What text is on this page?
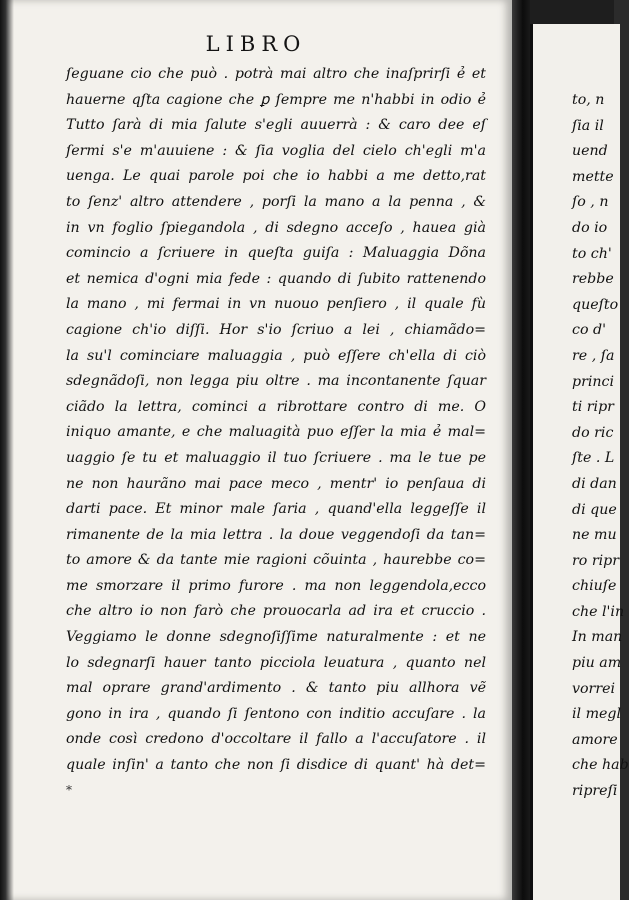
LIBRO
ſeguane cio che può . potrà mai altro che inaſprirſi ẻ et
hauerne qſta cagione che ꝑ ſempre me n'habbi in odio ẻ
Tutto ſarà di mia ſalute s'egli auuerrà : & caro dee eſ
ſermi s'e m'auuiene : & ſia voglia del cielo ch'egli m'a
uenga. Le quai parole poi che io habbi a me detto,rat
to ſenz' altro attendere , porſi la mano a la penna , &
in vn foglio ſpiegandola , di sdegno acceſo , hauea già
comincio a ſcriuere in queſta guiſa : Maluaggia Dõna
et nemica d'ogni mia fede : quando di ſubito rattenendo
la mano , mi fermai in vn nuouo penſiero , il quale fù
cagione ch'io diſſi. Hor s'io ſcriuo a lei , chiamãdo=
la su'l cominciare maluaggia , può eſſere ch'ella di ciò
sdegnãdoſi, non legga piu oltre . ma incontanente ſquar
ciãdo la lettra, cominci a ribrottare contro di me. O
iniquo amante, e che maluagità puo eſſer la mia ẻ mal=
uaggio ſe tu et maluaggio il tuo ſcriuere . ma le tue pe
ne non haurãno mai pace meco , mentr' io penſaua di
darti pace. Et minor male ſaria , quand'ella leggeſſe il
rimanente de la mia lettra . la doue veggendoſi da tan=
to amore & da tante mie ragioni cõuinta , haurebbe co=
me smorzare il primo furore . ma non leggendola,ecco
che altro io non farò che prouocarla ad ira et cruccio .
Veggiamo le donne sdegnoſiſſime naturalmente : et ne
lo sdegnarſi hauer tanto picciola leuatura , quanto nel
mal oprare grand'ardimento . & tanto piu allhora vẽ
gono in ira , quando ſi ſentono con inditio accuſare . la
onde così credono d'occoltare il fallo a l'accuſatore . il
quale inſin' a tanto che non ſi disdice di quant' hà det=
*
to, n
ſia il
uend
mette
ſo , n
do io
to ch'
rebbe
queſto
co d'
re , ſa
princi
ti ripr
do ric
ſte . L
di dan
di que
ne mu
ro ripr
chiuſe
che l'in
In man
piu am
vorrei
il megl
amore
che hab
ripreſi
